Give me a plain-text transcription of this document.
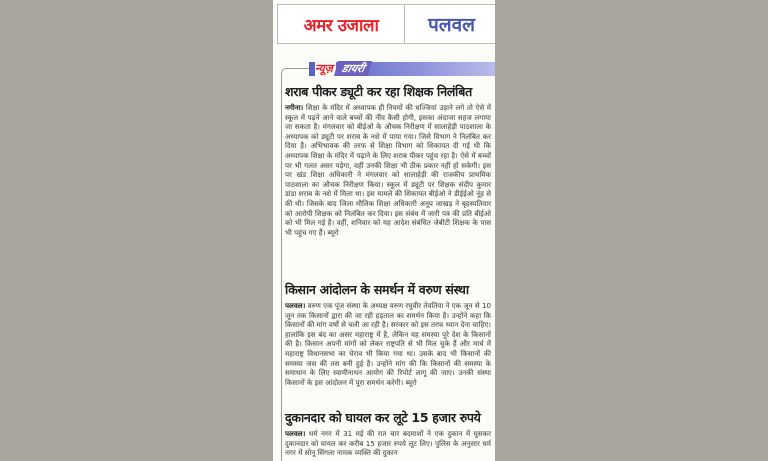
अमर उजाला	पलवल
न्यूज़ डायरी
शराब पीकर ड्यूटी कर रहा शिक्षक निलंबित

नगीना। शिक्षा के मंदिर में अध्यापक ही नियमों की धज्जियां उड़ाने लगे तो ऐसे में स्कूल में पढ़ने आने वाले बच्चों की नींव कैसी होगी, इसका अंदाजा सहज लगाया जा सकता है। मंगलवार को बीईओ के औचक निरीक्षण में सालाहेड़ी पाठशाला के अध्यापक को ड्यूटी पर शराब के नशे में पाया गया। जिसे विभाग ने निलंबित कर दिया है। अभिभावक की तरफ से शिक्षा विभाग को शिकायत दी गई थी कि अध्यापक शिक्षा के मंदिर में पढ़ाने के लिए शराब पीकर पहुंच रहा है। ऐसे में बच्चों पर भी गलत असर पड़ेगा, वहीं उनकी शिक्षा भी ठीक प्रकार नहीं हो सकेगी। इस पर खंड शिक्षा अधिकारी ने मंगलवार को सालाहेड़ी की राजकीय प्राथमिक पाठशाला का औचक निरीक्षण किया। स्कूल में ड्यूटी पर शिक्षक संदीप कुमार डांडा शराब के नशे में मिला था। इस मामले की शिकायत बीईओ ने डीईईओ नूंह से की थी। जिसके बाद जिला मौलिक शिक्षा अधिकारी अनूप जाखड़ ने बृहस्पतिवार को आरोपी शिक्षक को निलंबित कर दिया। इस संबंध में जारी पत्र की प्रति बीईओ को भी मिल गई है। वहीं, शनिवार को यह आदेश संबंधित जेबीटी शिक्षक के पास भी पहुंच गए हैं। ब्यूरो

किसान आंदोलन के समर्थन में वरुण संस्था

पलवल। वरुण एक पूंज संस्था के अध्यक्ष वरुण रघुवीर तेवतिया ने एक जून से 10 जून तक किसानों द्वारा की जा रही हड़ताल का समर्थन किया है। उन्होंने कहा कि किसानों की मांग वर्षों से चली आ रही है। सरकार को इस तरफ ध्यान देना चाहिए। हालांकि इस बंद का असर महाराष्ट्र में है, लेकिन यह समस्या पूरे देश के किसानों की है। किसान अपनी मांगों को लेकर राष्ट्रपति से भी मिल चुके हैं और मार्च में महाराष्ट्र विधानसभा का घेराव भी किया गया था। उसके बाद भी किसानों की समस्या जस की तस बनी हुई है। उन्होंने मांग की कि किसानों की समस्या के समाधान के लिए स्वामीनाथन आयोग की रिपोर्ट लागू की जाए। उनकी संस्था किसानों के इस आंदोलन में पूरा समर्थन करेगी। ब्यूरो

दुकानदार को घायल कर लूटे 15 हजार रुपये

पलवल। धर्म नगर में 31 मई की रात चार बदमाशों ने एक दुकान में घुसकर दुकानदार को घायल कर करीब 15 हजार रुपये लूट लिए। पुलिस के अनुसार धर्म नगर में सोनू सिंगला नामक व्यक्ति की दुकान
